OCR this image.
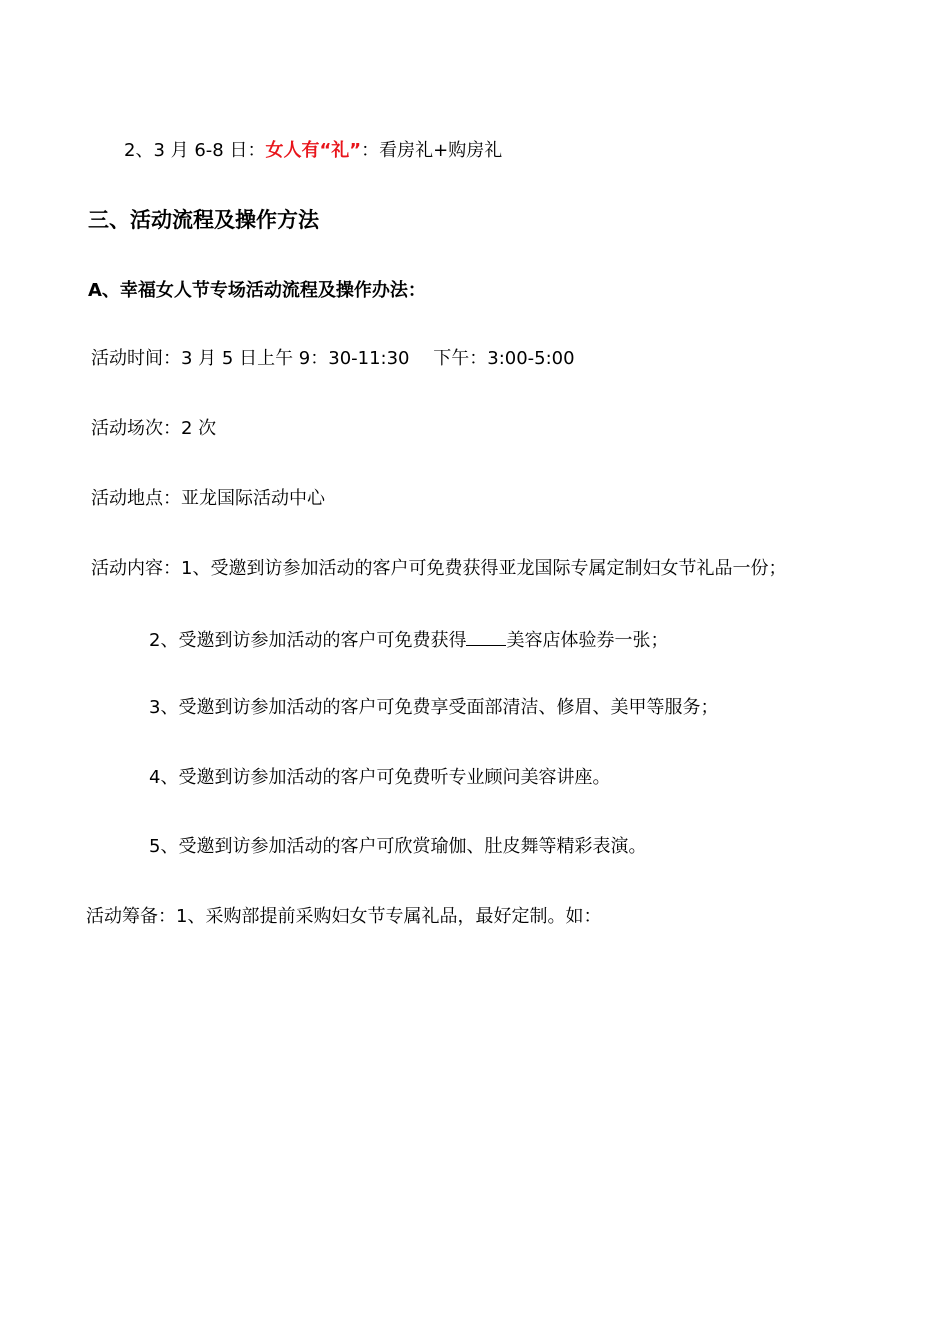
2、3 月 6-8 日：女人有“礼”：看房礼+购房礼
三、活动流程及操作方法
A、幸福女人节专场活动流程及操作办法：
活动时间：3 月 5 日上午 9：30-11:30　 下午：3:00-5:00
活动场次：2 次
活动地点：亚龙国际活动中心
活动内容：1、受邀到访参加活动的客户可免费获得亚龙国际专属定制妇女节礼品一份；
2、受邀到访参加活动的客户可免费获得 美容店体验券一张；
3、受邀到访参加活动的客户可免费享受面部清洁、修眉、美甲等服务；
4、受邀到访参加活动的客户可免费听专业顾问美容讲座。
5、受邀到访参加活动的客户可欣赏瑜伽、肚皮舞等精彩表演。
活动筹备：1、采购部提前采购妇女节专属礼品，最好定制。如：
